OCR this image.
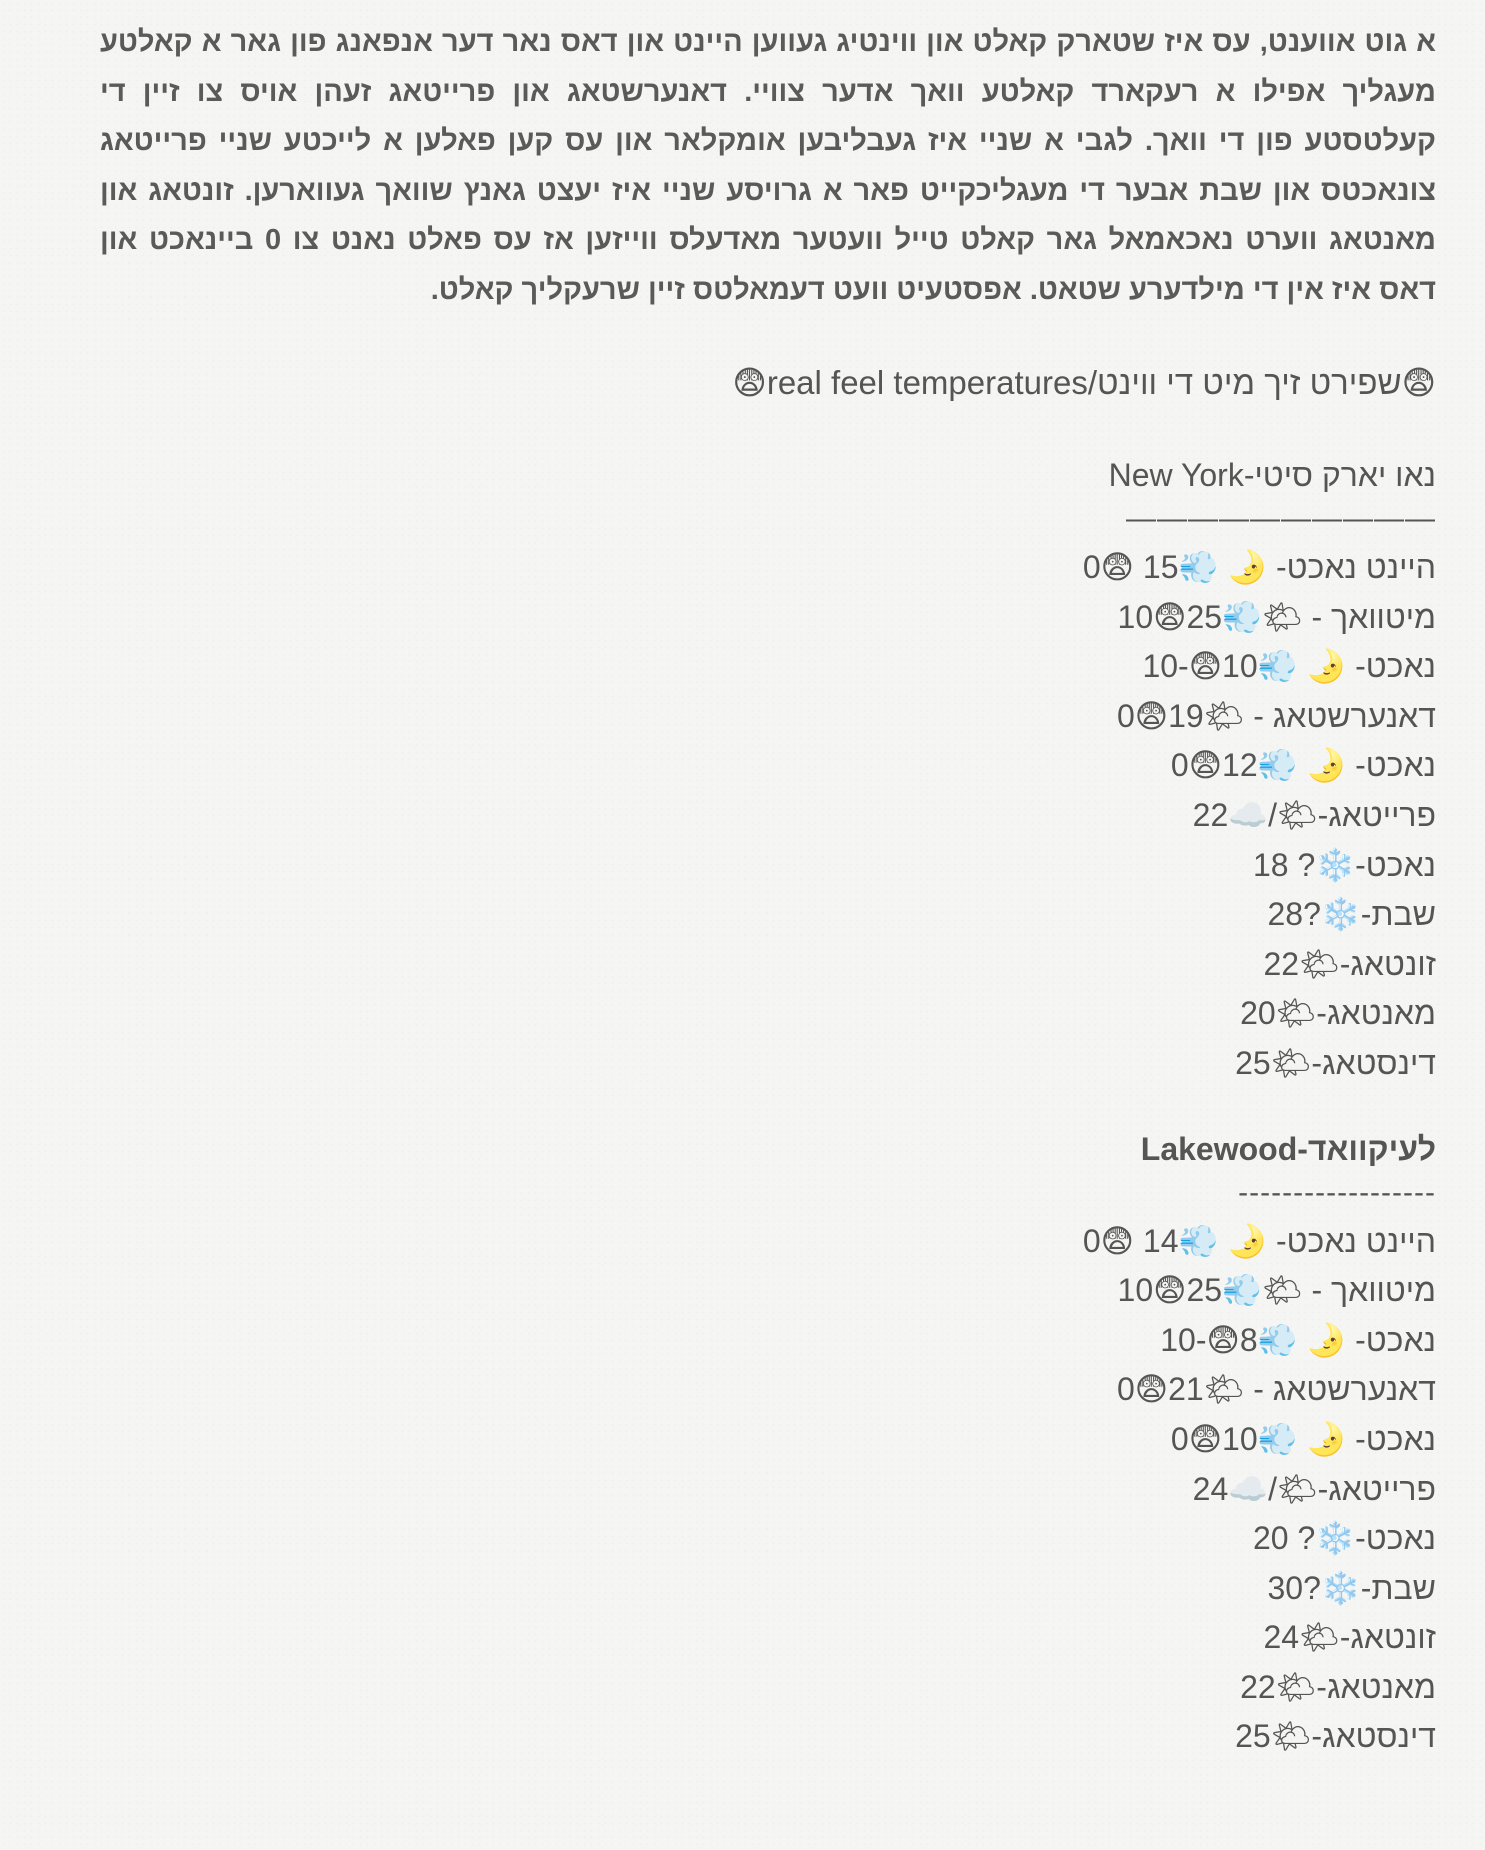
א גוט אווענט, עס איז שטארק קאלט און ווינטיג געווען היינט און דאס נאר דער אנפאנג פון גאר א קאלטע מעגליך אפילו א רעקארד קאלטע וואך אדער צוויי. דאנערשטאג און פרייטאג זעהן אויס צו זיין די קעלטסטע פון די וואך. לגבי א שניי איז געבליבען אומקלאר און עס קען פאלען א לייכטע שניי פרייטאג צונאכטס און שבת אבער די מעגליכקייט פאר א גרויסע שניי איז יעצט גאנץ שוואך געווארען. זונטאג און מאנטאג ווערט נאכאמאל גאר קאלט טייל וועטער מאדעלס ווייזען אז עס פאלט נאנט צו 0 ביינאכט און דאס איז אין די מילדערע שטאט. אפסטעיט וועט דעמאלטס זיין שרעקליך קאלט.

😨שפירט זיך מיט די ווינט/real feel temperatures😨
נאו יארק סיטי-New York
——————————
היינט נאכט- 🌛 💨15 😨0
מיטוואך - 🌤💨25😨10
נאכט- 🌛 💨10😨-10
דאנערשטאג - 🌤19😨0
נאכט- 🌛 💨12😨0
פרייטאג-🌤/☁️22
נאכט-❄️? 18
שבת-❄️?28
זונטאג-🌤22
מאנטאג-🌤20
דינסטאג-🌤25
לעיקוואד-Lakewood
------------------
היינט נאכט- 🌛 💨14 😨0
מיטוואך - 🌤💨25😨10
נאכט- 🌛 💨8😨-10
דאנערשטאג - 🌤21😨0
נאכט- 🌛 💨10😨0
פרייטאג-🌤/☁️24
נאכט-❄️? 20
שבת-❄️?30
זונטאג-🌤24
מאנטאג-🌤22
דינסטאג-🌤25
